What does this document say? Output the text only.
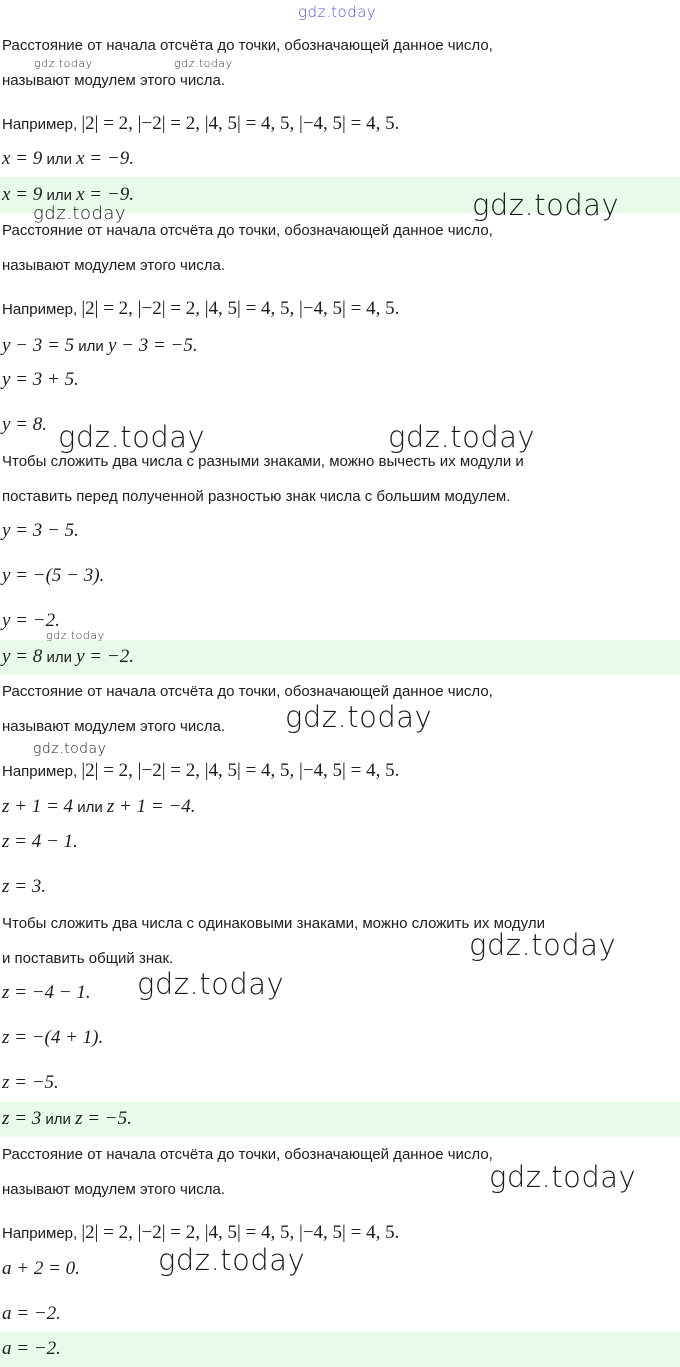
Расстояние от начала отсчёта до точки, обозначающей данное число,
называют модулем этого числа.
Например, |2| = 2, |−2| = 2, |4, 5| = 4, 5, |−4, 5| = 4, 5.
x = 9 или x = −9.
x = 9 или x = −9.
Расстояние от начала отсчёта до точки, обозначающей данное число,
называют модулем этого числа.
Например, |2| = 2, |−2| = 2, |4, 5| = 4, 5, |−4, 5| = 4, 5.
y − 3 = 5 или y − 3 = −5.
y = 3 + 5.
y = 8.
Чтобы сложить два числа с разными знаками, можно вычесть их модули и
поставить перед полученной разностью знак числа с большим модулем.
y = 3 − 5.
y = −(5 − 3).
y = −2.
y = 8 или y = −2.
Расстояние от начала отсчёта до точки, обозначающей данное число,
называют модулем этого числа.
Например, |2| = 2, |−2| = 2, |4, 5| = 4, 5, |−4, 5| = 4, 5.
z + 1 = 4 или z + 1 = −4.
z = 4 − 1.
z = 3.
Чтобы сложить два числа с одинаковыми знаками, можно сложить их модули
и поставить общий знак.
z = −4 − 1.
z = −(4 + 1).
z = −5.
z = 3 или z = −5.
Расстояние от начала отсчёта до точки, обозначающей данное число,
называют модулем этого числа.
Например, |2| = 2, |−2| = 2, |4, 5| = 4, 5, |−4, 5| = 4, 5.
a + 2 = 0.
a = −2.
a = −2.
gdz.today
gdz.today	gdz.today
gdz.today
gdz.today
gdz.today	gdz.today
gdz.today
gdz.today
gdz.today
gdz.today
gdz.today
gdz.today
gdz.today
